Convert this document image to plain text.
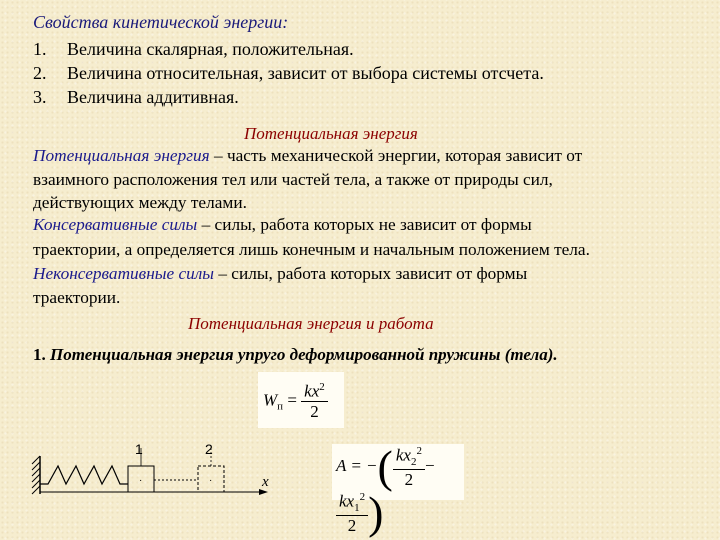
Свойства кинетической энергии:
1. Величина скалярная, положительная.
2. Величина относительная, зависит от выбора системы отсчета.
3. Величина аддитивная.
Потенциальная энергия
Потенциальная энергия – часть механической энергии, которая зависит от
взаимного расположения тел или частей тела, а также от природы сил,
действующих между телами.
Консервативные силы – силы, работа которых не зависит от формы
траектории, а определяется лишь конечным и начальным положением тела.
Неконсервативные силы – силы, работа которых зависит от формы
траектории.
Потенциальная энергия и работа
1. Потенциальная энергия упруго деформированной пружины (тела).
$W_п = \frac{kx^2}{2}$
A = −( $\frac{kx_2^2}{2}$ −
$\frac{kx_1^2}{2}$ )
1	2
x
·	·
